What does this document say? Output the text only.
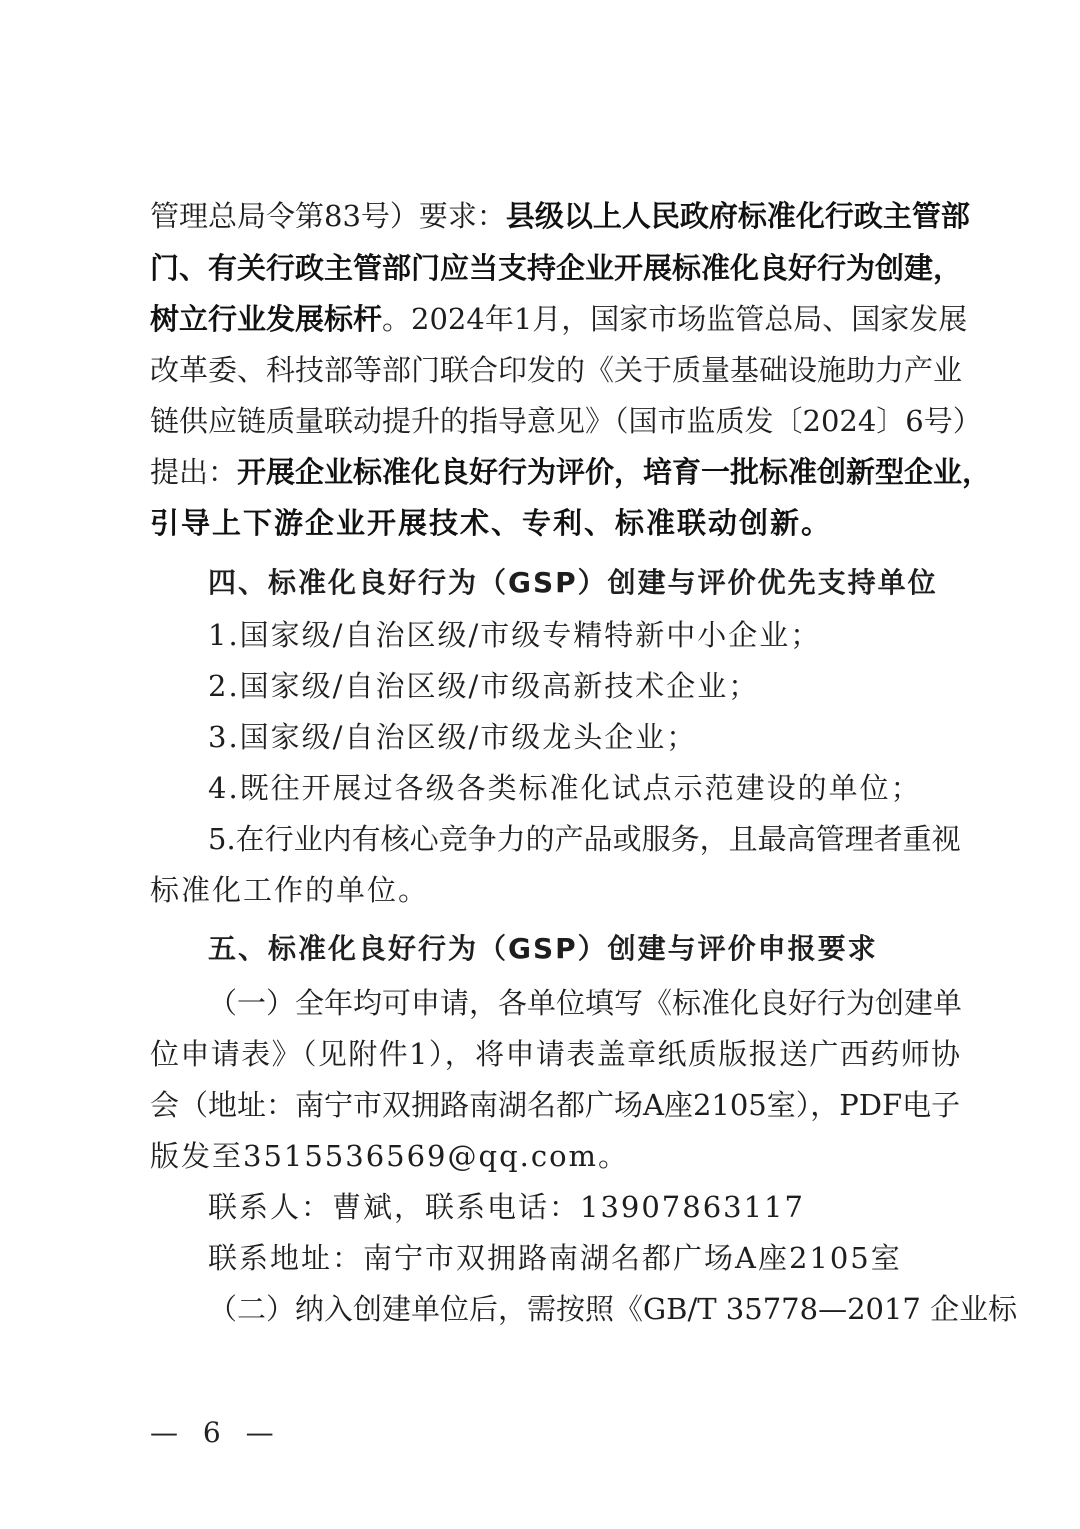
管理总局令第83号）要求：县级以上人民政府标准化行政主管部
门、有关行政主管部门应当支持企业开展标准化良好行为创建，
树立行业发展标杆。2024年1月，国家市场监管总局、国家发展
改革委、科技部等部门联合印发的《关于质量基础设施助力产业
链供应链质量联动提升的指导意见》（国市监质发〔2024〕6号）
提出：开展企业标准化良好行为评价，培育一批标准创新型企业，
引导上下游企业开展技术、专利、标准联动创新。
四、标准化良好行为（GSP）创建与评价优先支持单位
1.国家级/自治区级/市级专精特新中小企业；
2.国家级/自治区级/市级高新技术企业；
3.国家级/自治区级/市级龙头企业；
4.既往开展过各级各类标准化试点示范建设的单位；
5.在行业内有核心竞争力的产品或服务，且最高管理者重视
标准化工作的单位。
五、标准化良好行为（GSP）创建与评价申报要求
（一）全年均可申请，各单位填写《标准化良好行为创建单
位申请表》（见附件1），将申请表盖章纸质版报送广西药师协
会（地址：南宁市双拥路南湖名都广场A座2105室），PDF电子
版发至3515536569@qq.com。
联系人：曹斌，联系电话：13907863117
联系地址：南宁市双拥路南湖名都广场A座2105室
（二）纳入创建单位后，需按照《GB/T 35778—2017 企业标
— 6 —
